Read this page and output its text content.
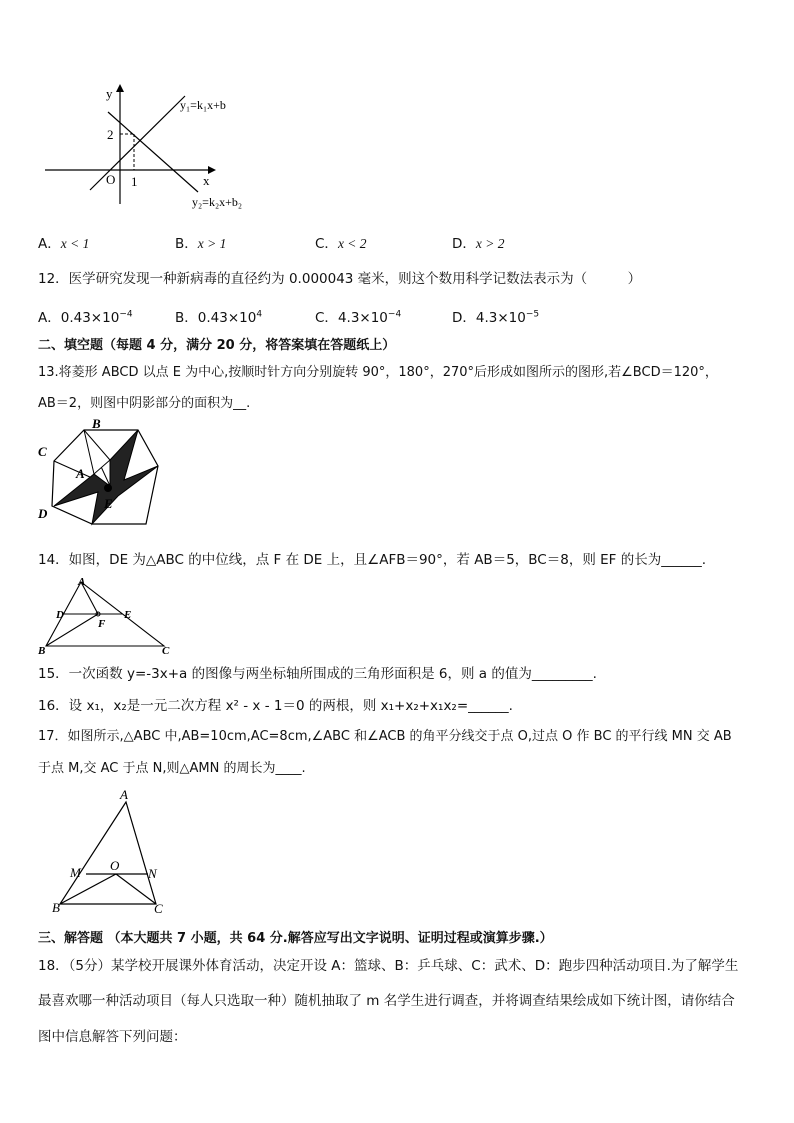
y
x
O 1
2
y₁=k₁x+b
y₂=k₂x+b₂
A．x < 1	B．x > 1	C．x < 2	D．x > 2
12．医学研究发现一种新病毒的直径约为 0.000043 毫米，则这个数用科学记数法表示为（　　　）
A．$0.43\times 10^{-4}$	B．$0.43\times 10^4$	C．$4.3\times 10^{-4}$	D．$4.3\times 10^{-5}$
二、填空题（每题 4 分，满分 20 分，将答案填在答题纸上）
13.将菱形 ABCD 以点 E 为中心,按顺时针方向分别旋转 90°，180°，270°后形成如图所示的图形,若∠BCD＝120°，
AB＝2，则图中阴影部分的面积为__.
B
C
A
E
D
14．如图，DE 为△ABC 的中位线，点 F 在 DE 上，且∠AFB＝90°，若 AB＝5，BC＝8，则 EF 的长为______.
A
D	E
F
B	C
15．一次函数 y=-3x+a 的图像与两坐标轴所围成的三角形面积是 6，则 a 的值为_________.
16．设 x₁，x₂是一元二次方程 x² - x - 1＝0 的两根，则 x₁+x₂+x₁x₂=______.
17．如图所示,△ABC 中,AB=10cm,AC=8cm,∠ABC 和∠ACB 的角平分线交于点 O,过点 O 作 BC 的平行线 MN 交 AB
于点 M,交 AC 于点 N,则△AMN 的周长为____.
A
M O
N
B	C
三、解答题 （本大题共 7 小题，共 64 分.解答应写出文字说明、证明过程或演算步骤.）
18．（5分）某学校开展课外体育活动，决定开设 A：篮球、B：乒乓球、C：武术、D：跑步四种活动项目.为了解学生
最喜欢哪一种活动项目（每人只选取一种）随机抽取了 m 名学生进行调查，并将调查结果绘成如下统计图，请你结合
图中信息解答下列问题：
